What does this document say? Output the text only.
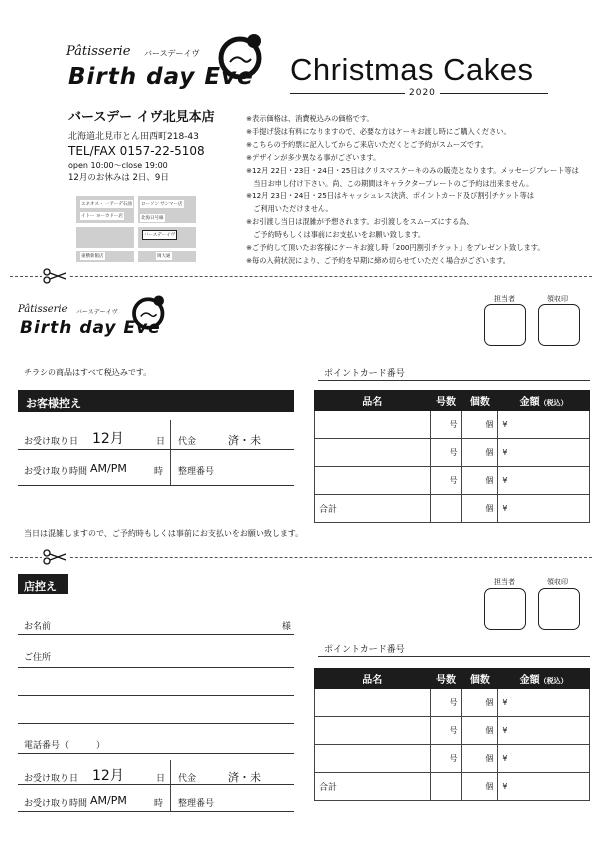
Pâtisserie バースデーイヴ
Birth day Eve Christmas Cakes
2020
バースデー イヴ北見本店
北海道北見市とん田西町218-43
TEL/FAX 0157-22-5108
open 10:00～close 19:00
12月のお休みは 2日、9日
エネオス・ 一アーデ石油 ローソン サンマー店
北海日号線
イトー ヨーカドー店
バースデーイヴ
東横新館店	岡大通
※表示価格は、消費税込みの価格です。
※手提げ袋は有料になりますので、必要な方はケーキお渡し時にご購入ください。
※こちらの予約票に記入してからご来店いただくとご予約がスムーズです。
※デザインが多少異なる事がございます。
※12月 22日・23日・24日・25日はクリスマスケーキのみの販売となります。メッセージプレート等は
　当日お申し付け下さい。尚、この期間はキャラクタープレートのご予約は出来ません。
※12月 23日・24日・25日はキャッシュレス決済、ポイントカード及び割引チケット等は
　ご利用いただけません。
※お引渡し当日は混雑が予想されます。お引渡しをスムーズにする為、
　ご予約時もしくは事前にお支払いをお願い致します。
※ご予約して頂いたお客様にケーキお渡し時「200円割引チケット」をプレゼント致します。
※毎の入荷状況により、ご予約を早期に締め切らせていただく場合がございます。
Pâtisserie バースデーイヴ
Birth day Eve
担当者	領収印
チラシの商品はすべて税込みです。	ポイントカード番号
お客様控え
お受け取り日 12月	日 代金	済・未
お受け取り時間 AM/PM	時 整理番号
当日は混雑しますので、ご予約時もしくは事前にお支払いをお願い致します。
品名	号数	個数	金額（税込）
	号	個	¥
	号	個	¥
	号	個	¥
合計		個	¥
店控え	担当者	領収印
お名前	様
ご住所
電話番号（　　　）
お受け取り日 12月	日 代金	済・未
お受け取り時間 AM/PM	時 整理番号
ポイントカード番号
品名	号数	個数	金額（税込）
	号	個	¥
	号	個	¥
	号	個	¥
合計		個	¥
